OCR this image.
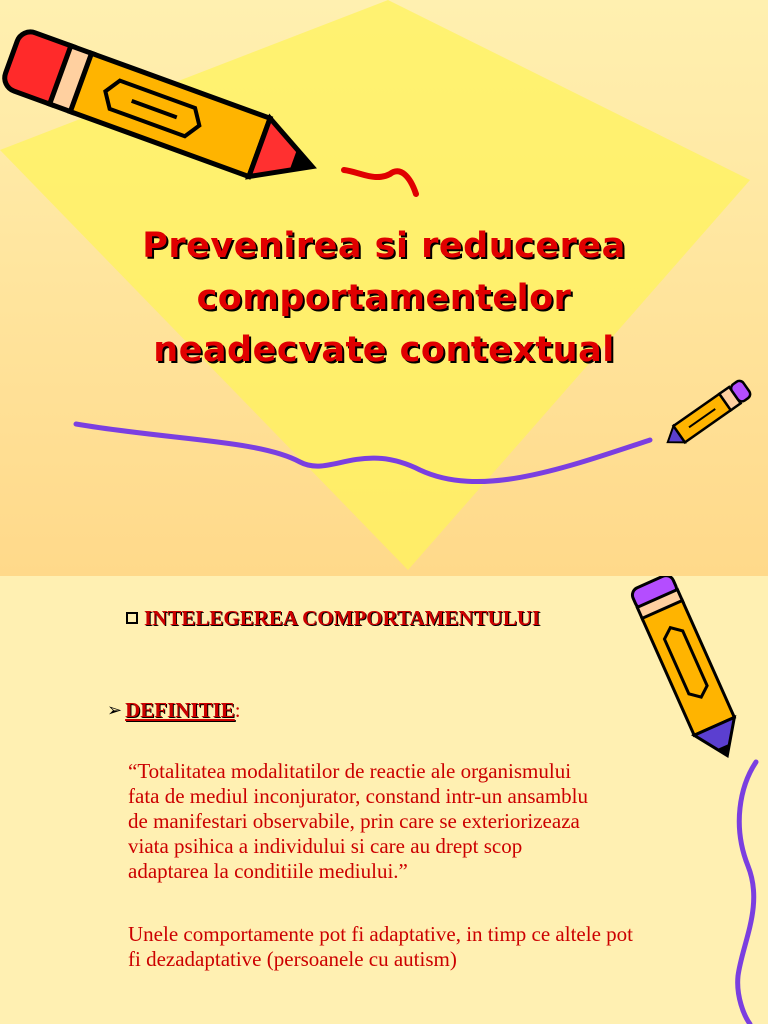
Prevenirea si reducerea
comportamentelor
neadecvate contextual
INTELEGEREA COMPORTAMENTULUI
➢ DEFINITIE:
“Totalitatea modalitatilor de reactie ale organismului
fata de mediul inconjurator, constand intr-un ansamblu
de manifestari observabile, prin care se exteriorizeaza
viata psihica a individului si care au drept scop
adaptarea la conditiile mediului.”
Unele comportamente pot fi adaptative, in timp ce altele pot
fi dezadaptative (persoanele cu autism)
